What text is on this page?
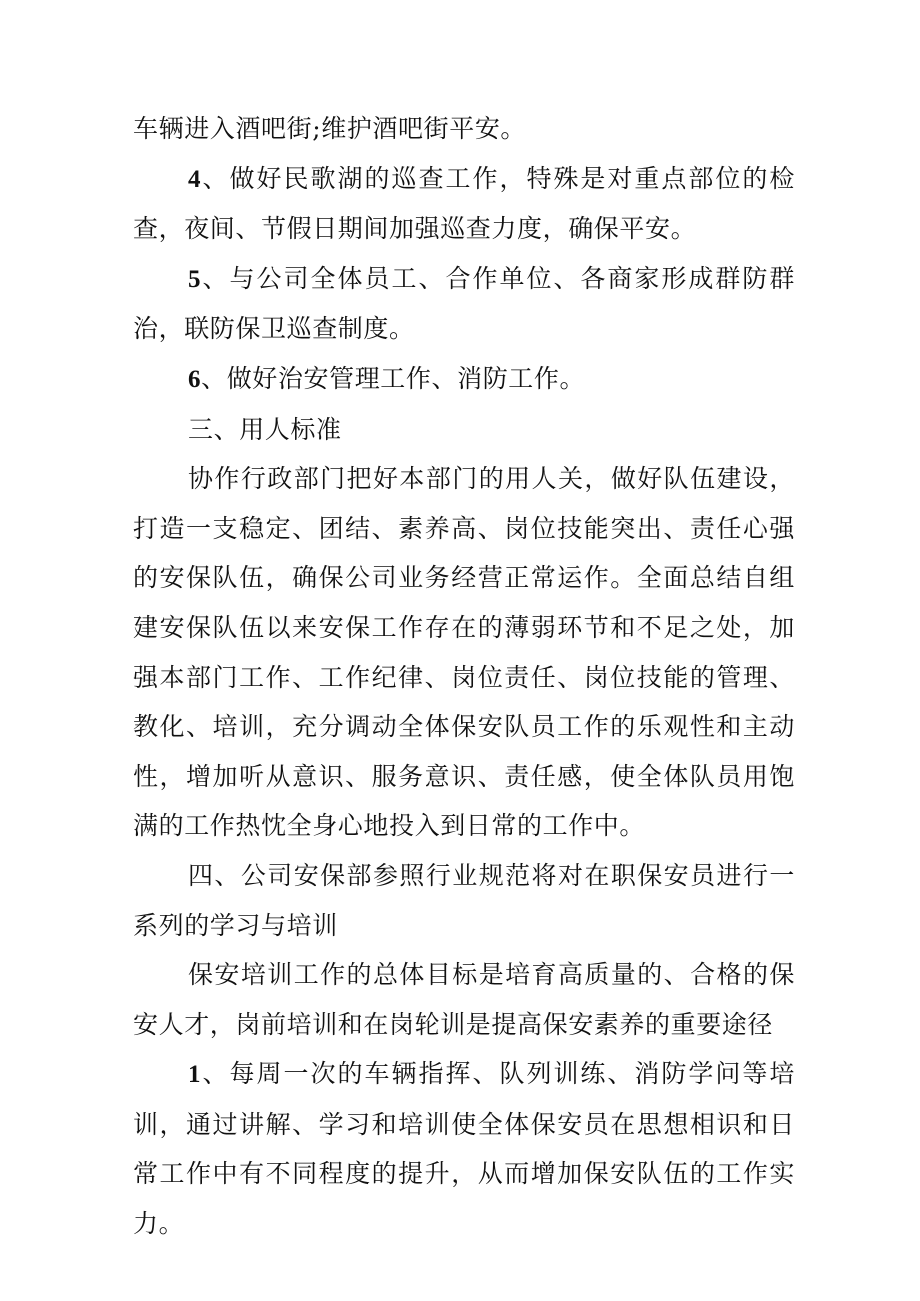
车辆进入酒吧街;维护酒吧街平安。

4、做好民歌湖的巡查工作，特殊是对重点部位的检查，夜间、节假日期间加强巡查力度，确保平安。

5、与公司全体员工、合作单位、各商家形成群防群治，联防保卫巡查制度。

6、做好治安管理工作、消防工作。

三、用人标准

协作行政部门把好本部门的用人关，做好队伍建设，打造一支稳定、团结、素养高、岗位技能突出、责任心强的安保队伍，确保公司业务经营正常运作。全面总结自组建安保队伍以来安保工作存在的薄弱环节和不足之处，加强本部门工作、工作纪律、岗位责任、岗位技能的管理、教化、培训，充分调动全体保安队员工作的乐观性和主动性，增加听从意识、服务意识、责任感，使全体队员用饱满的工作热忱全身心地投入到日常的工作中。

四、公司安保部参照行业规范将对在职保安员进行一系列的学习与培训

保安培训工作的总体目标是培育高质量的、合格的保安人才，岗前培训和在岗轮训是提高保安素养的重要途径

1、每周一次的车辆指挥、队列训练、消防学问等培训，通过讲解、学习和培训使全体保安员在思想相识和日常工作中有不同程度的提升，从而增加保安队伍的工作实力。
